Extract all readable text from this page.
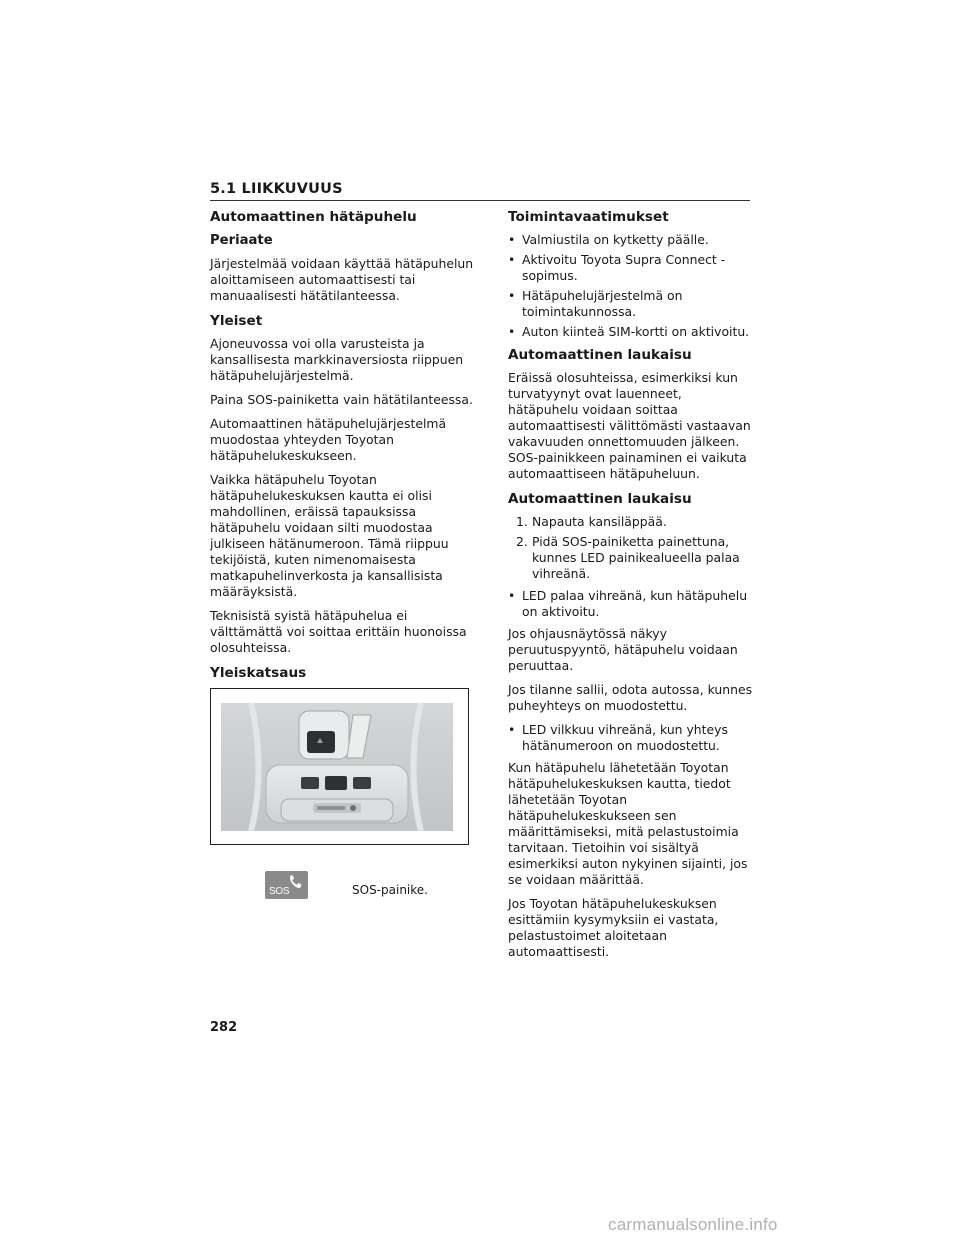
5.1 LIIKKUVUUS
Automaattinen hätäpuhelu
Periaate

Järjestelmää voidaan käyttää hätäpuhelun aloittamiseen automaattisesti tai manuaalisesti hätätilanteessa.

Yleiset

Ajoneuvossa voi olla varusteista ja kansallisesta markkinaversiosta riippuen hätäpuhelujärjestelmä.

Paina SOS-painiketta vain hätätilanteessa.

Automaattinen hätäpuhelujärjestelmä muodostaa yhteyden Toyotan hätäpuhelukeskukseen.

Vaikka hätäpuhelu Toyotan hätäpuhelukeskuksen kautta ei olisi mahdollinen, eräissä tapauksissa hätäpuhelu voidaan silti muodostaa julkiseen hätänumeroon. Tämä riippuu tekijöistä, kuten nimenomaisesta matkapuhelinverkosta ja kansallisista määräyksistä.

Teknisistä syistä hätäpuhelua ei välttämättä voi soittaa erittäin huonoissa olosuhteissa.

Yleiskatsaus
SOS	SOS-painike.
Toimintavaatimukset
• Valmiustila on kytketty päälle.
• Aktivoitu Toyota Supra Connect -sopimus.
• Hätäpuhelujärjestelmä on toimintakunnossa.
• Auton kiinteä SIM-kortti on aktivoitu.
Automaattinen laukaisu

Eräissä olosuhteissa, esimerkiksi kun turvatyynyt ovat lauenneet, hätäpuhelu voidaan soittaa automaattisesti välittömästi vastaavan vakavuuden onnettomuuden jälkeen. SOS-painikkeen painaminen ei vaikuta automaattiseen hätäpuheluun.

Automaattinen laukaisu
1. Napauta kansiläppää.
2. Pidä SOS-painiketta painettuna, kunnes LED painikealueella palaa vihreänä.
• LED palaa vihreänä, kun hätäpuhelu on aktivoitu.

Jos ohjausnäytössä näkyy peruutuspyyntö, hätäpuhelu voidaan peruuttaa.

Jos tilanne sallii, odota autossa, kunnes puheyhteys on muodostettu.

• LED vilkkuu vihreänä, kun yhteys hätänumeroon on muodostettu.

Kun hätäpuhelu lähetetään Toyotan hätäpuhelukeskuksen kautta, tiedot lähetetään Toyotan hätäpuhelukeskukseen sen määrittämiseksi, mitä pelastustoimia tarvitaan. Tietoihin voi sisältyä esimerkiksi auton nykyinen sijainti, jos se voidaan määrittää.

Jos Toyotan hätäpuhelukeskuksen esittämiin kysymyksiin ei vastata, pelastustoimet aloitetaan automaattisesti.

282
carmanualsonline.info
